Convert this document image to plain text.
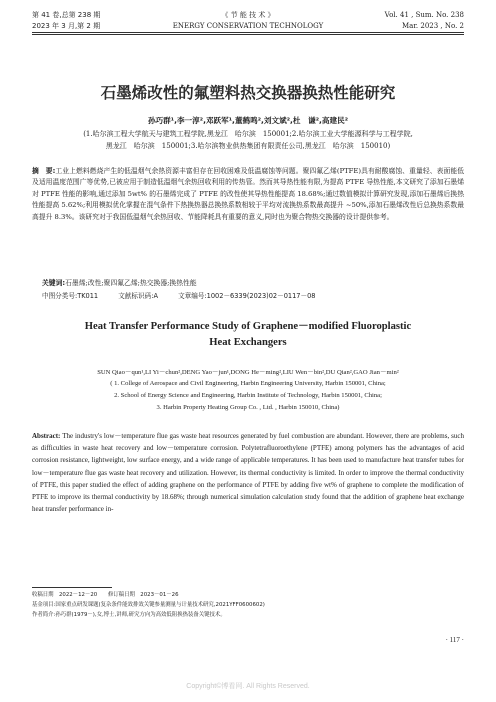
第 41 卷,总第 238 期
2023 年 3 月,第 2 期
《 节 能 技 术 》
ENERGY CONSERVATION TECHNOLOGY
Vol. 41 , Sum. No. 238
Mar. 2023 , No. 2
石墨烯改性的氟塑料热交换器换热性能研究
孙巧群¹,李一淳²,邓跃军¹,董鹤鸣²,刘文斌²,杜　谦²,高建民²
(1.哈尔滨工程大学航天与建筑工程学院,黑龙江　哈尔滨　150001;2.哈尔滨工业大学能源科学与工程学院,
黑龙江　哈尔滨　150001;3.哈尔滨物业供热集团有限责任公司,黑龙江　哈尔滨　150010)
摘　要:工业上燃料燃烧产生的低温烟气余热资源丰富但存在回收困难及低温腐蚀等问题。聚四氟乙烯(PTFE)具有耐酸腐蚀、重量轻、表面能低及适用温度范围广等优势,已被应用于制造低温烟气余热回收利用的传热管。然而其导热性能有限,为提高 PTFE 导热性能,本文研究了添加石墨烯对 PTFE 性能的影响,通过添加 5wt% 的石墨烯完成了 PTFE 的改性使其导热性能提高 18.68%;通过数值模拟计算研究发现,添加石墨烯后换热性能提高 5.62%;利用模拟优化掌握在混气条件下热换热器总换热系数相较于平均对流换热系数最高提升 ~50%,添加石墨烯改性后总换热系数最高提升 8.3%。该研究对于我国低温烟气余热回收、节能降耗具有重要的意义,同时也为聚合物热交换器的设计提供参考。
关键词:石墨烯;改性;聚四氟乙烯;热交换器;换热性能
中图分类号:TK011	文献标识码:A	文章编号:1002－6339(2023)02－0117－08
Heat Transfer Performance Study of Graphene－modified Fluoroplastic
Heat Exchangers
SUN Qiao－qun¹,LI Yi－chun²,DENG Yao－jun¹,DONG He－ming²,LIU Wen－bin²,DU Qian²,GAO Jian－min²
( 1. College of Aerospace and Civil Engineering, Harbin Engineering University, Harbin 150001, China;
2. School of Energy Science and Engineering, Harbin Institute of Technology, Harbin 150001, China;
3. Harbin Property Heating Group Co. , Ltd. , Harbin 150010, China)
Abstract: The industry's low－temperature flue gas waste heat resources generated by fuel combustion are abundant. However, there are problems, such as difficulties in waste heat recovery and low－temperature corrosion. Polytetrafluoroethylene (PTFE) among polymers has the advantages of acid corrosion resistance, lightweight, low surface energy, and a wide range of applicable temperatures. It has been used to manufacture heat transfer tubes for low－temperature flue gas waste heat recovery and utilization. However, its thermal conductivity is limited. In order to improve the thermal conductivity of PTFE, this paper studied the effect of adding graphene on the performance of PTFE by adding five wt% of graphene to complete the modification of PTFE to improve its thermal conductivity by 18.68%; through numerical simulation calculation study found that the addition of graphene heat exchange heat transfer performance in-
收稿日期　2022－12－20　　修订稿日期　2023－01－26
基金项目:国家重点研发课题(复杂条件能效排效关键参量测量与计量技术研究,2021YFF0600602)
作者简介:孙巧群(1979－),女,博士,讲师,研究方向为高效低阻换热装备关键技术。
· 117 ·
Copyright©博看网. All Rights Reserved.
